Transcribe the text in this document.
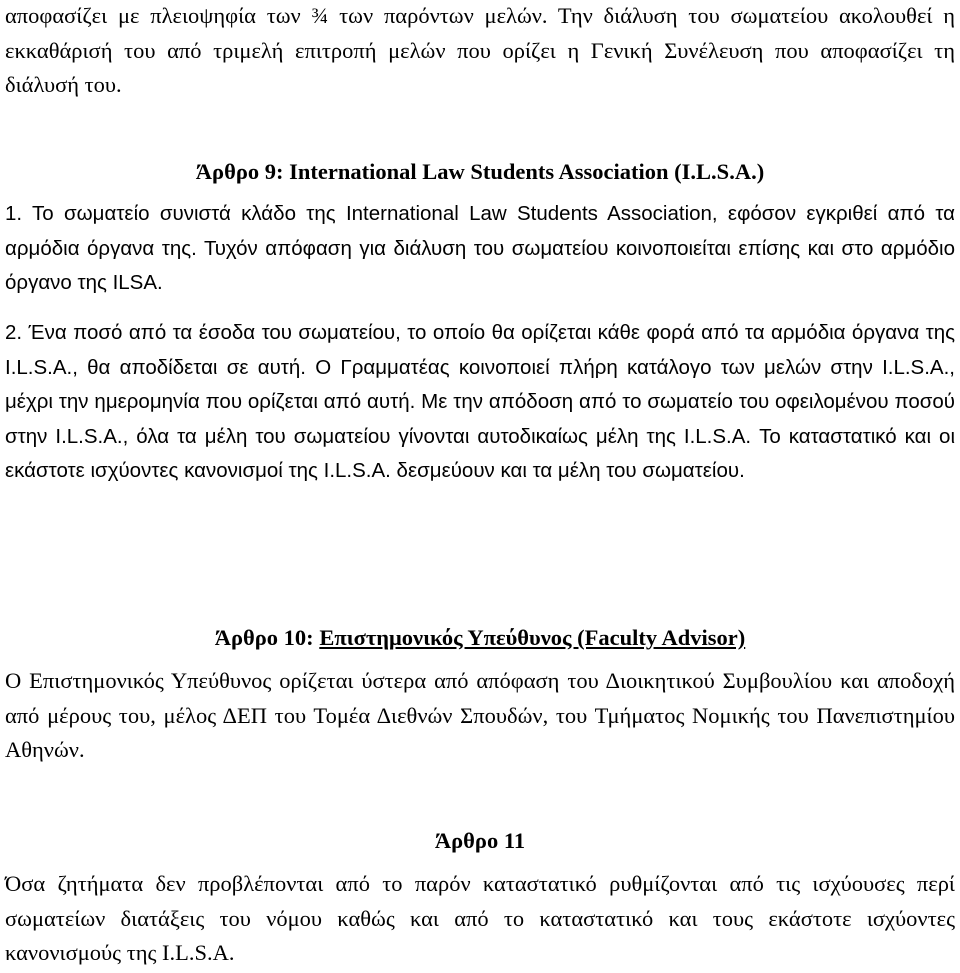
αποφασίζει με πλειοψηφία των ¾ των παρόντων μελών. Την διάλυση του σωματείου ακολουθεί η εκκαθάρισή του από τριμελή επιτροπή μελών που ορίζει η Γενική Συνέλευση που αποφασίζει τη διάλυσή του.

Άρθρο 9: International Law Students Association (I.L.S.A.)

1. Το σωματείο συνιστά κλάδο της International Law Students Association, εφόσον εγκριθεί από τα αρμόδια όργανα της. Τυχόν απόφαση για διάλυση του σωματείου κοινοποιείται επίσης και στο αρμόδιο όργανο της ILSA.

2. Ένα ποσό από τα έσοδα του σωματείου, το οποίο θα ορίζεται κάθε φορά από τα αρμόδια όργανα της I.L.S.A., θα αποδίδεται σε αυτή. Ο Γραμματέας κοινοποιεί πλήρη κατάλογο των μελών στην I.L.S.A., μέχρι την ημερομηνία που ορίζεται από αυτή. Με την απόδοση από το σωματείο του οφειλομένου ποσού στην I.L.S.A., όλα τα μέλη του σωματείου γίνονται αυτοδικαίως μέλη της I.L.S.A. Το καταστατικό και οι εκάστοτε ισχύοντες κανονισμοί της I.L.S.A. δεσμεύουν και τα μέλη του σωματείου.

Άρθρο 10: Επιστημονικός Υπεύθυνος (Faculty Advisor)

Ο Επιστημονικός Υπεύθυνος ορίζεται ύστερα από απόφαση του Διοικητικού Συμβουλίου και αποδοχή από μέρους του, μέλος ΔΕΠ του Τομέα Διεθνών Σπουδών, του Τμήματος Νομικής του Πανεπιστημίου Αθηνών.

Άρθρο 11

Όσα ζητήματα δεν προβλέπονται από το παρόν καταστατικό ρυθμίζονται από τις ισχύουσες περί σωματείων διατάξεις του νόμου καθώς και από το καταστατικό και τους εκάστοτε ισχύοντες κανονισμούς της I.L.S.A.
